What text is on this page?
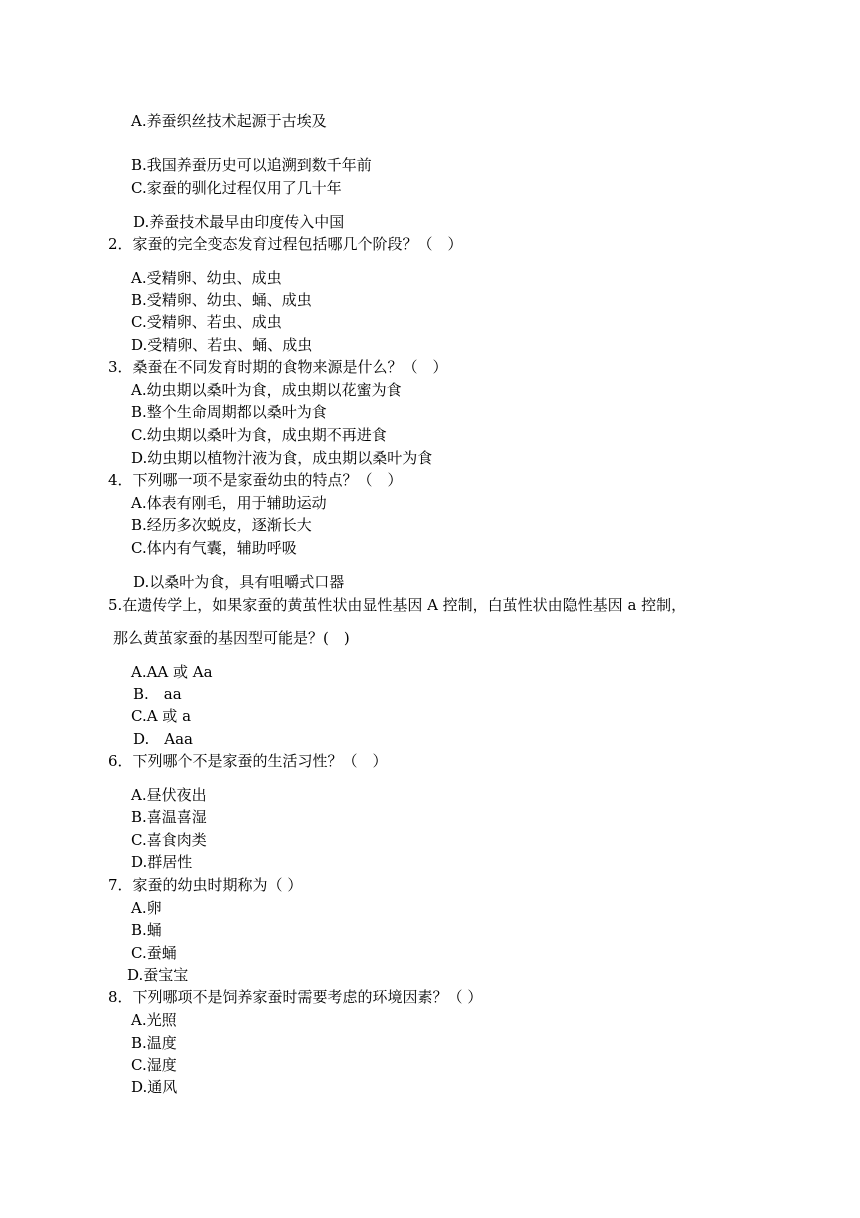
A.养蚕织丝技术起源于古埃及
B.我国养蚕历史可以追溯到数千年前
C.家蚕的驯化过程仅用了几十年
D.养蚕技术最早由印度传入中国
2．家蚕的完全变态发育过程包括哪几个阶段？（　）
A.受精卵、幼虫、成虫
B.受精卵、幼虫、蛹、成虫
C.受精卵、若虫、成虫
D.受精卵、若虫、蛹、成虫
3．桑蚕在不同发育时期的食物来源是什么？（　）
A.幼虫期以桑叶为食，成虫期以花蜜为食
B.整个生命周期都以桑叶为食
C.幼虫期以桑叶为食，成虫期不再进食
D.幼虫期以植物汁液为食，成虫期以桑叶为食
4．下列哪一项不是家蚕幼虫的特点？（　）
A.体表有刚毛，用于辅助运动
B.经历多次蜕皮，逐渐长大
C.体内有气囊，辅助呼吸
D.以桑叶为食，具有咀嚼式口器
5.在遗传学上，如果家蚕的黄茧性状由显性基因 A 控制，白茧性状由隐性基因 a 控制，
那么黄茧家蚕的基因型可能是？(　)
A.AA 或 Aa
B.　aa
C.A 或 a
D.　Aaa
6．下列哪个不是家蚕的生活习性？（　）
A.昼伏夜出
B.喜温喜湿
C.喜食肉类
D.群居性
7．家蚕的幼虫时期称为（ ）
A.卵
B.蛹
C.蚕蛹
D.蚕宝宝
8．下列哪项不是饲养家蚕时需要考虑的环境因素？（ ）
A.光照
B.温度
C.湿度
D.通风
